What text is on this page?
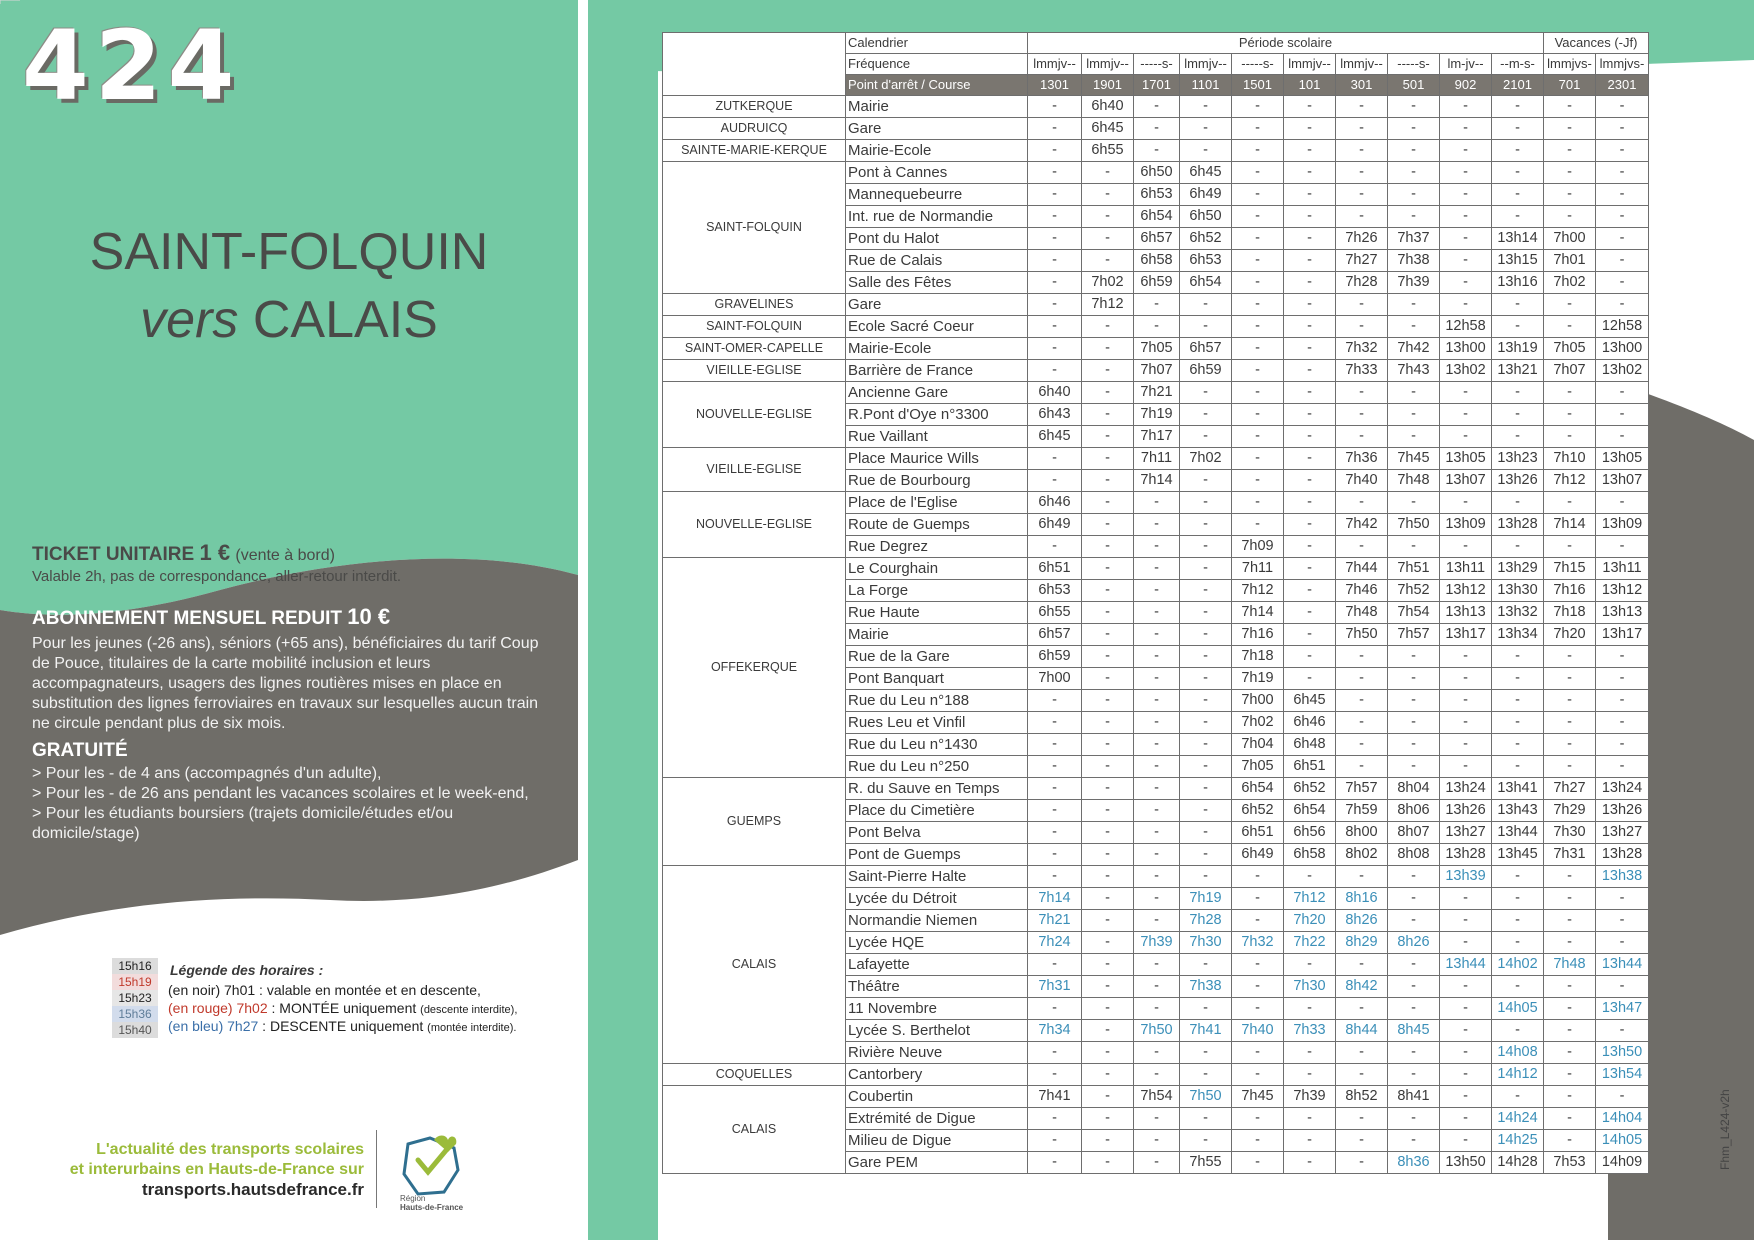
424
SAINT-FOLQUIN
vers CALAIS
TICKET UNITAIRE 1 € (vente à bord)
Valable 2h, pas de correspondance, aller-retour interdit.
ABONNEMENT MENSUEL REDUIT 10 €
Pour les jeunes (-26 ans), séniors (+65 ans), bénéficiaires du tarif Coup de Pouce, titulaires de la carte mobilité inclusion et leurs accompagnateurs, usagers des lignes routières mises en place en substitution des lignes ferroviaires en travaux sur lesquelles aucun train ne circule pendant plus de six mois.
GRATUITÉ
> Pour les - de 4 ans (accompagnés d'un adulte),
> Pour les - de 26 ans pendant les vacances scolaires et le week-end,
> Pour les étudiants boursiers (trajets domicile/études et/ou domicile/stage)
15h16
15h19
15h23
15h36
15h40
Légende des horaires :
(en noir) 7h01 : valable en montée et en descente,
(en rouge) 7h02 : MONTÉE uniquement (descente interdite),
(en bleu) 7h27 : DESCENTE uniquement (montée interdite).
L'actualité des transports scolaires
et interurbains en Hauts-de-France sur
transports.hautsdefrance.fr	Région
Hauts-de-France
	Calendrier	Période scolaire										Vacances (-Jf)	
	Fréquence	lmmjv--	lmmjv--	-----s-	lmmjv--	-----s-	lmmjv--	lmmjv--	-----s-	lm-jv--	--m-s-	lmmjvs-	lmmjvs-
	Point d'arrêt / Course	1301	1901	1701	1101	1501	101	301	501	902	2101	701	2301
ZUTKERQUE	Mairie	-	6h40	-	-	-	-	-	-	-	-	-	-
AUDRUICQ	Gare	-	6h45	-	-	-	-	-	-	-	-	-	-
SAINTE-MARIE-KERQUE	Mairie-Ecole	-	6h55	-	-	-	-	-	-	-	-	-	-
SAINT-FOLQUIN	Pont à Cannes	-	-	6h50	6h45	-	-	-	-	-	-	-	-
	Mannequebeurre	-	-	6h53	6h49	-	-	-	-	-	-	-	-
	Int. rue de Normandie	-	-	6h54	6h50	-	-	-	-	-	-	-	-
	Pont du Halot	-	-	6h57	6h52	-	-	7h26	7h37	-	13h14	7h00	-
	Rue de Calais	-	-	6h58	6h53	-	-	7h27	7h38	-	13h15	7h01	-
	Salle des Fêtes	-	7h02	6h59	6h54	-	-	7h28	7h39	-	13h16	7h02	-
GRAVELINES	Gare	-	7h12	-	-	-	-	-	-	-	-	-	-
SAINT-FOLQUIN	Ecole Sacré Coeur	-	-	-	-	-	-	-	-	12h58	-	-	12h58
SAINT-OMER-CAPELLE	Mairie-Ecole	-	-	7h05	6h57	-	-	7h32	7h42	13h00	13h19	7h05	13h00
VIEILLE-EGLISE	Barrière de France	-	-	7h07	6h59	-	-	7h33	7h43	13h02	13h21	7h07	13h02
NOUVELLE-EGLISE	Ancienne Gare	6h40	-	7h21	-	-	-	-	-	-	-	-	-
	R.Pont d'Oye n°3300	6h43	-	7h19	-	-	-	-	-	-	-	-	-
	Rue Vaillant	6h45	-	7h17	-	-	-	-	-	-	-	-	-
VIEILLE-EGLISE	Place Maurice Wills	-	-	7h11	7h02	-	-	7h36	7h45	13h05	13h23	7h10	13h05
	Rue de Bourbourg	-	-	7h14	-	-	-	7h40	7h48	13h07	13h26	7h12	13h07
NOUVELLE-EGLISE	Place de l'Eglise	6h46	-	-	-	-	-	-	-	-	-	-	-
	Route de Guemps	6h49	-	-	-	-	-	7h42	7h50	13h09	13h28	7h14	13h09
	Rue Degrez	-	-	-	-	7h09	-	-	-	-	-	-	-
OFFEKERQUE	Le Courghain	6h51	-	-	-	7h11	-	7h44	7h51	13h11	13h29	7h15	13h11
	La Forge	6h53	-	-	-	7h12	-	7h46	7h52	13h12	13h30	7h16	13h12
	Rue Haute	6h55	-	-	-	7h14	-	7h48	7h54	13h13	13h32	7h18	13h13
	Mairie	6h57	-	-	-	7h16	-	7h50	7h57	13h17	13h34	7h20	13h17
	Rue de la Gare	6h59	-	-	-	7h18	-	-	-	-	-	-	-
	Pont Banquart	7h00	-	-	-	7h19	-	-	-	-	-	-	-
	Rue du Leu n°188	-	-	-	-	7h00	6h45	-	-	-	-	-	-
	Rues Leu et Vinfil	-	-	-	-	7h02	6h46	-	-	-	-	-	-
	Rue du Leu n°1430	-	-	-	-	7h04	6h48	-	-	-	-	-	-
	Rue du Leu n°250	-	-	-	-	7h05	6h51	-	-	-	-	-	-
GUEMPS	R. du Sauve en Temps	-	-	-	-	6h54	6h52	7h57	8h04	13h24	13h41	7h27	13h24
	Place du Cimetière	-	-	-	-	6h52	6h54	7h59	8h06	13h26	13h43	7h29	13h26
	Pont Belva	-	-	-	-	6h51	6h56	8h00	8h07	13h27	13h44	7h30	13h27
	Pont de Guemps	-	-	-	-	6h49	6h58	8h02	8h08	13h28	13h45	7h31	13h28
CALAIS	Saint-Pierre Halte	-	-	-	-	-	-	-	-	13h39	-	-	13h38
	Lycée du Détroit	7h14	-	-	7h19	-	7h12	8h16	-	-	-	-	-
	Normandie Niemen	7h21	-	-	7h28	-	7h20	8h26	-	-	-	-	-
	Lycée HQE	7h24	-	7h39	7h30	7h32	7h22	8h29	8h26	-	-	-	-
	Lafayette	-	-	-	-	-	-	-	-	13h44	14h02	7h48	13h44
	Théâtre	7h31	-	-	7h38	-	7h30	8h42	-	-	-	-	-
	11 Novembre	-	-	-	-	-	-	-	-	-	14h05	-	13h47
	Lycée S. Berthelot	7h34	-	7h50	7h41	7h40	7h33	8h44	8h45	-	-	-	-
	Rivière Neuve	-	-	-	-	-	-	-	-	-	14h08	-	13h50
COQUELLES	Cantorbery	-	-	-	-	-	-	-	-	-	14h12	-	13h54
CALAIS	Coubertin	7h41	-	7h54	7h50	7h45	7h39	8h52	8h41	-	-	-	-
	Extrémité de Digue	-	-	-	-	-	-	-	-	-	14h24	-	14h04
	Milieu de Digue	-	-	-	-	-	-	-	-	-	14h25	-	14h05
	Gare PEM	-	-	-	7h55	-	-	-	8h36	13h50	14h28	7h53	14h09	Fhm_L424-v2h
